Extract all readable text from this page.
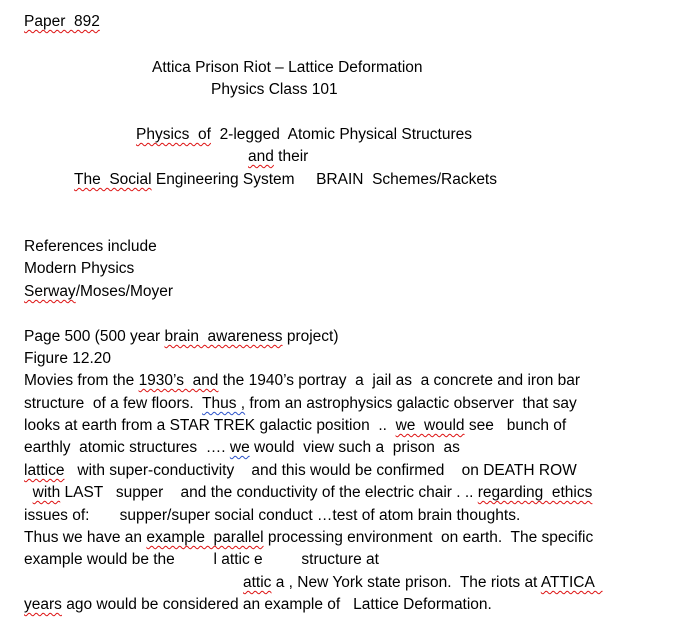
Paper  892
Attica Prison Riot – Lattice Deformation
Physics Class 101
Physics  of  2-legged  Atomic Physical Structures
and their
The  Social Engineering System     BRAIN  Schemes/Rackets
References include
Modern Physics
Serway/Moses/Moyer
Page 500 (500 year brain  awareness project)
Figure 12.20
Movies from the 1930’s  and the 1940’s portray  a  jail as  a concrete and iron bar
structure  of a few floors.  Thus , from an astrophysics galactic observer  that say
looks at earth from a STAR TREK galactic position  ..  we  would see   bunch of
earthly  atomic structures  …. we would  view such a  prison  as
lattice   with super-conductivity    and this would be confirmed    on DEATH ROW
with LAST   supper    and the conductivity of the electric chair . .. regarding  ethics
issues of:       supper/super social conduct …test of atom brain thoughts.
Thus we have an example  parallel processing environment  on earth.  The specific
example would be the         l attic e         structure at
attic a , New York state prison.  The riots at ATTICA
years ago would be considered an example of   Lattice Deformation.
